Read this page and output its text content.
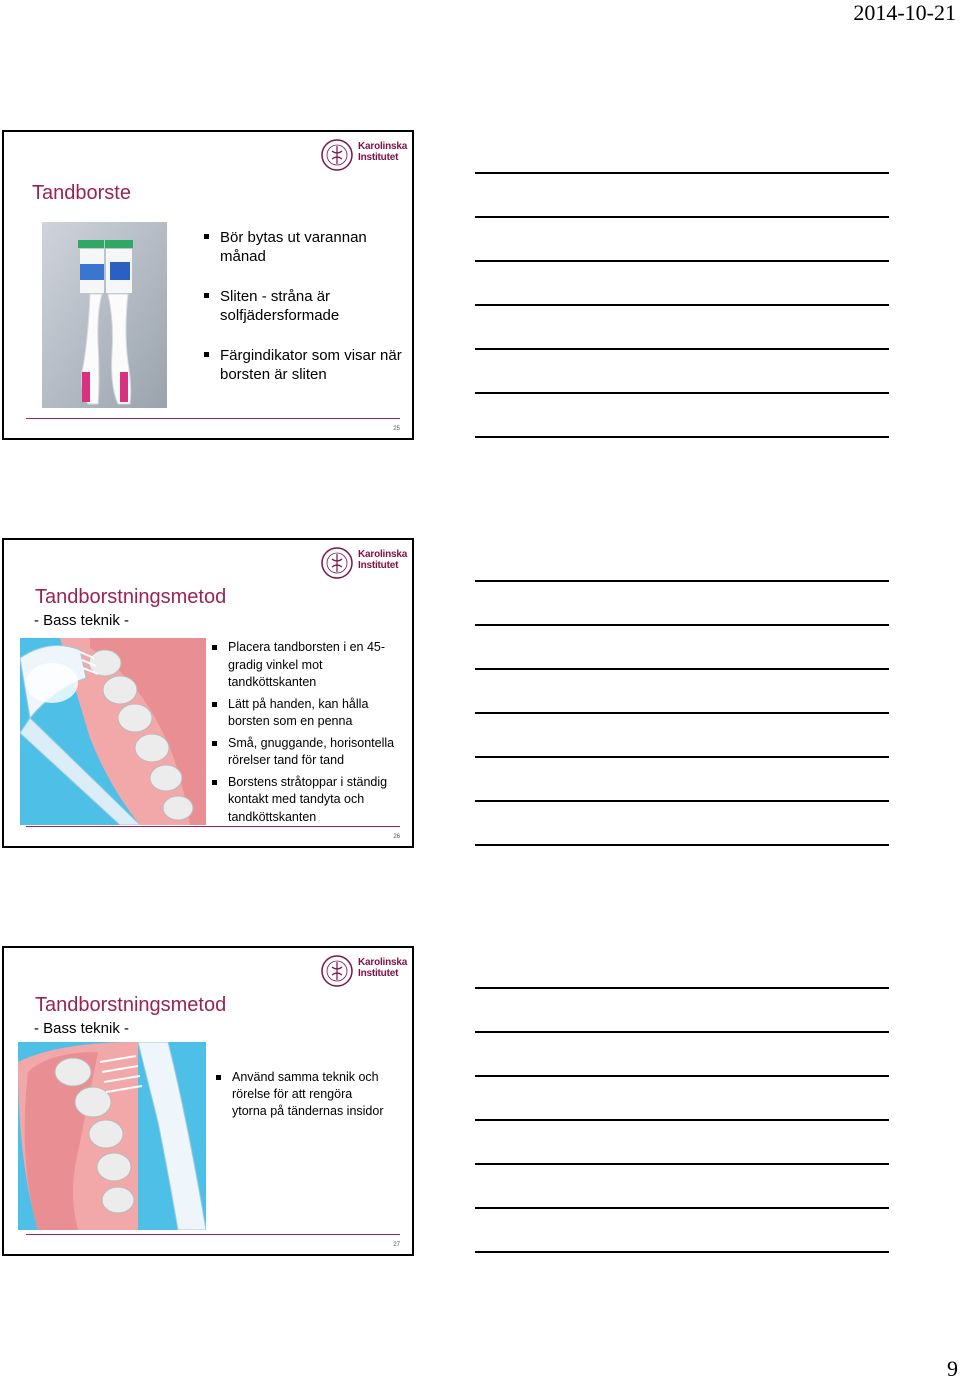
2014-10-21
Karolinska
Institutet
Tandborste
Bör bytas ut varannan månad
Sliten - stråna är solfjädersformade
Färgindikator som visar när borsten är sliten
25
Karolinska
Institutet
Tandborstningsmetod
- Bass teknik -
Placera tandborsten i en 45-gradig vinkel mot tandköttskanten
Lätt på handen, kan hålla borsten som en penna
Små, gnuggande, horisontella rörelser tand för tand
Borstens stråtoppar i ständig kontakt med tandyta och tandköttskanten
26
Karolinska
Institutet
Tandborstningsmetod
- Bass teknik -
Använd samma teknik och rörelse för att rengöra ytorna på tändernas insidor
27
9
